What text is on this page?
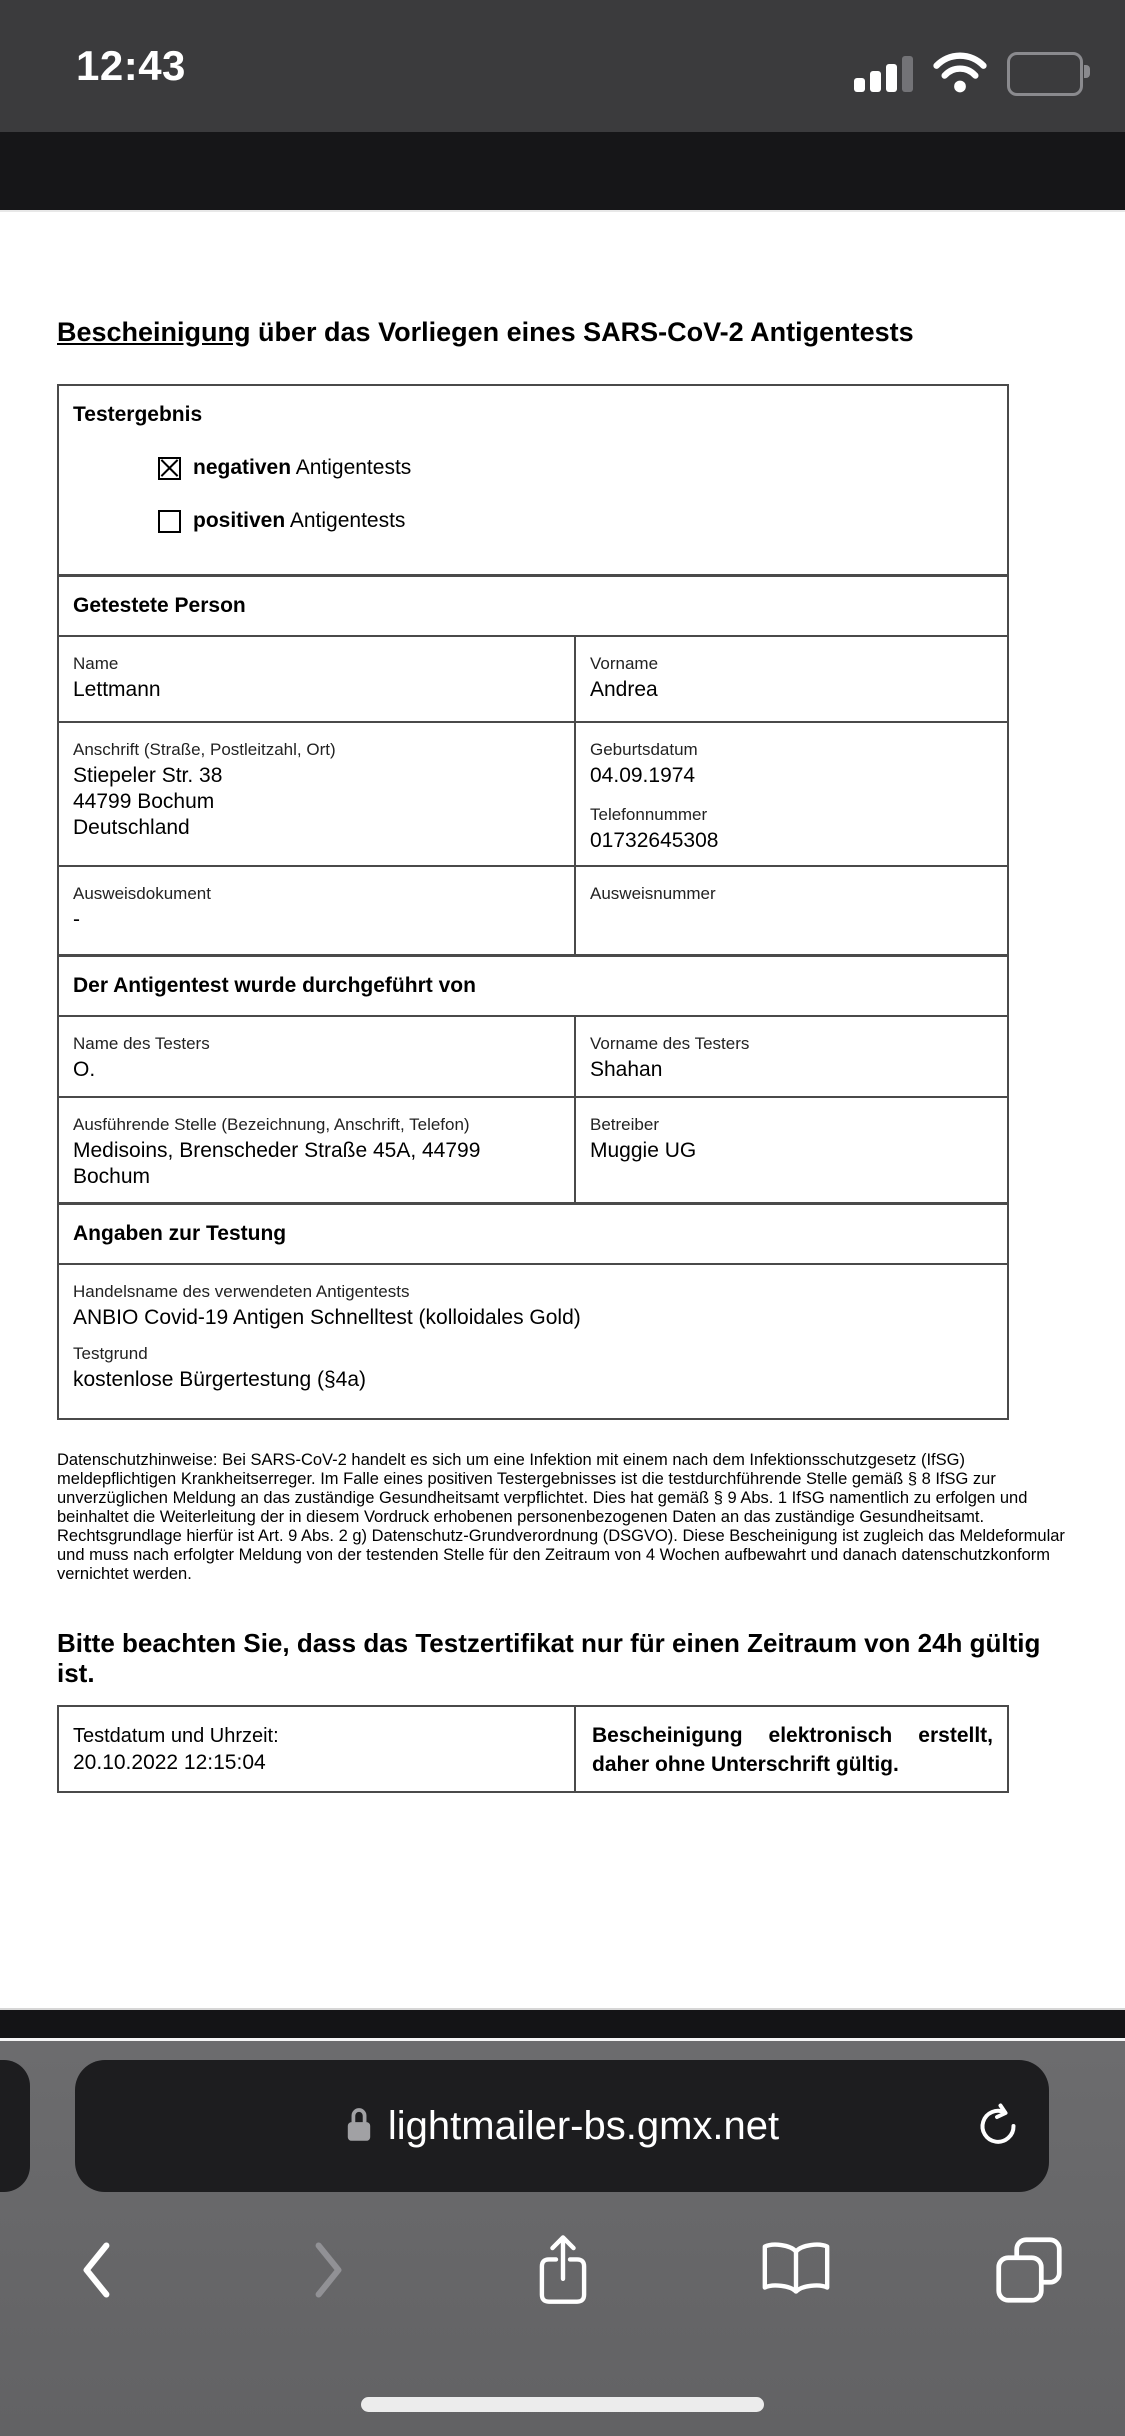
12:43
Bescheinigung über das Vorliegen eines SARS-CoV-2 Antigentests
Testergebnis
negativen Antigentests
positiven Antigentests
Getestete Person
Name
Lettmann
Vorname
Andrea
Anschrift (Straße, Postleitzahl, Ort)
Stiepeler Str. 38
44799 Bochum
Deutschland
Geburtsdatum
04.09.1974
Telefonnummer
01732645308
Ausweisdokument
-
Ausweisnummer
Der Antigentest wurde durchgeführt von
Name des Testers
O.
Vorname des Testers
Shahan
Ausführende Stelle (Bezeichnung, Anschrift, Telefon)
Medisoins, Brenscheder Straße 45A, 44799 Bochum
Betreiber
Muggie UG
Angaben zur Testung
Handelsname des verwendeten Antigentests
ANBIO Covid-19 Antigen Schnelltest (kolloidales Gold)
Testgrund
kostenlose Bürgertestung (§4a)

Datenschutzhinweise: Bei SARS-CoV-2 handelt es sich um eine Infektion mit einem nach dem Infektionsschutzgesetz (IfSG) meldepflichtigen Krankheitserreger. Im Falle eines positiven Testergebnisses ist die testdurchführende Stelle gemäß § 8 IfSG zur unverzüglichen Meldung an das zuständige Gesundheitsamt verpflichtet. Dies hat gemäß § 9 Abs. 1 IfSG namentlich zu erfolgen und beinhaltet die Weiterleitung der in diesem Vordruck erhobenen personenbezogenen Daten an das zuständige Gesundheitsamt. Rechtsgrundlage hierfür ist Art. 9 Abs. 2 g) Datenschutz-Grundverordnung (DSGVO). Diese Bescheinigung ist zugleich das Meldeformular und muss nach erfolgter Meldung von der testenden Stelle für den Zeitraum von 4 Wochen aufbewahrt und danach datenschutzkonform vernichtet werden.

Bitte beachten Sie, dass das Testzertifikat nur für einen Zeitraum von 24h gültig ist.
Testdatum und Uhrzeit:
20.10.2022 12:15:04
Bescheinigung elektronisch erstellt, daher ohne Unterschrift gültig.

lightmailer-bs.gmx.net
